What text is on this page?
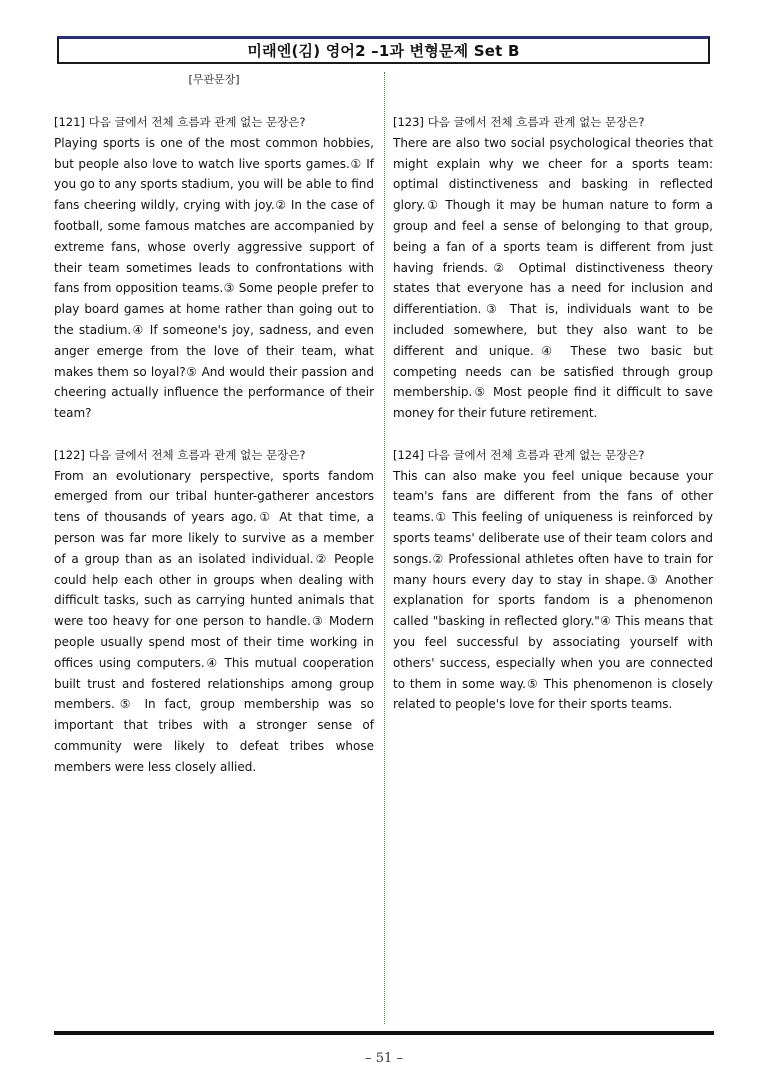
미래엔(김) 영어2 –1과 변형문제 Set B
[무관문장]
[121] 다음 글에서 전체 흐름과 관계 없는 문장은?
Playing sports is one of the most common hobbies, but people also love to watch live sports games.① If you go to any sports stadium, you will be able to find fans cheering wildly, crying with joy.② In the case of football, some famous matches are accompanied by extreme fans, whose overly aggressive support of their team sometimes leads to confrontations with fans from opposition teams.③ Some people prefer to play board games at home rather than going out to the stadium.④ If someone's joy, sadness, and even anger emerge from the love of their team, what makes them so loyal?⑤ And would their passion and cheering actually influence the performance of their team?
[122] 다음 글에서 전체 흐름과 관계 없는 문장은?
From an evolutionary perspective, sports fandom emerged from our tribal hunter-gatherer ancestors tens of thousands of years ago.① At that time, a person was far more likely to survive as a member of a group than as an isolated individual.② People could help each other in groups when dealing with difficult tasks, such as carrying hunted animals that were too heavy for one person to handle.③ Modern people usually spend most of their time working in offices using computers.④ This mutual cooperation built trust and fostered relationships among group members.⑤ In fact, group membership was so important that tribes with a stronger sense of community were likely to defeat tribes whose members were less closely allied.
[123] 다음 글에서 전체 흐름과 관계 없는 문장은?
There are also two social psychological theories that might explain why we cheer for a sports team: optimal distinctiveness and basking in reflected glory.① Though it may be human nature to form a group and feel a sense of belonging to that group, being a fan of a sports team is different from just having friends.② Optimal distinctiveness theory states that everyone has a need for inclusion and differentiation.③ That is, individuals want to be included somewhere, but they also want to be different and unique.④ These two basic but competing needs can be satisfied through group membership.⑤ Most people find it difficult to save money for their future retirement.
[124] 다음 글에서 전체 흐름과 관계 없는 문장은?
This can also make you feel unique because your team's fans are different from the fans of other teams.① This feeling of uniqueness is reinforced by sports teams' deliberate use of their team colors and songs.② Professional athletes often have to train for many hours every day to stay in shape.③ Another explanation for sports fandom is a phenomenon called "basking in reflected glory."④ This means that you feel successful by associating yourself with others' success, especially when you are connected to them in some way.⑤ This phenomenon is closely related to people's love for their sports teams.
– 51 –
